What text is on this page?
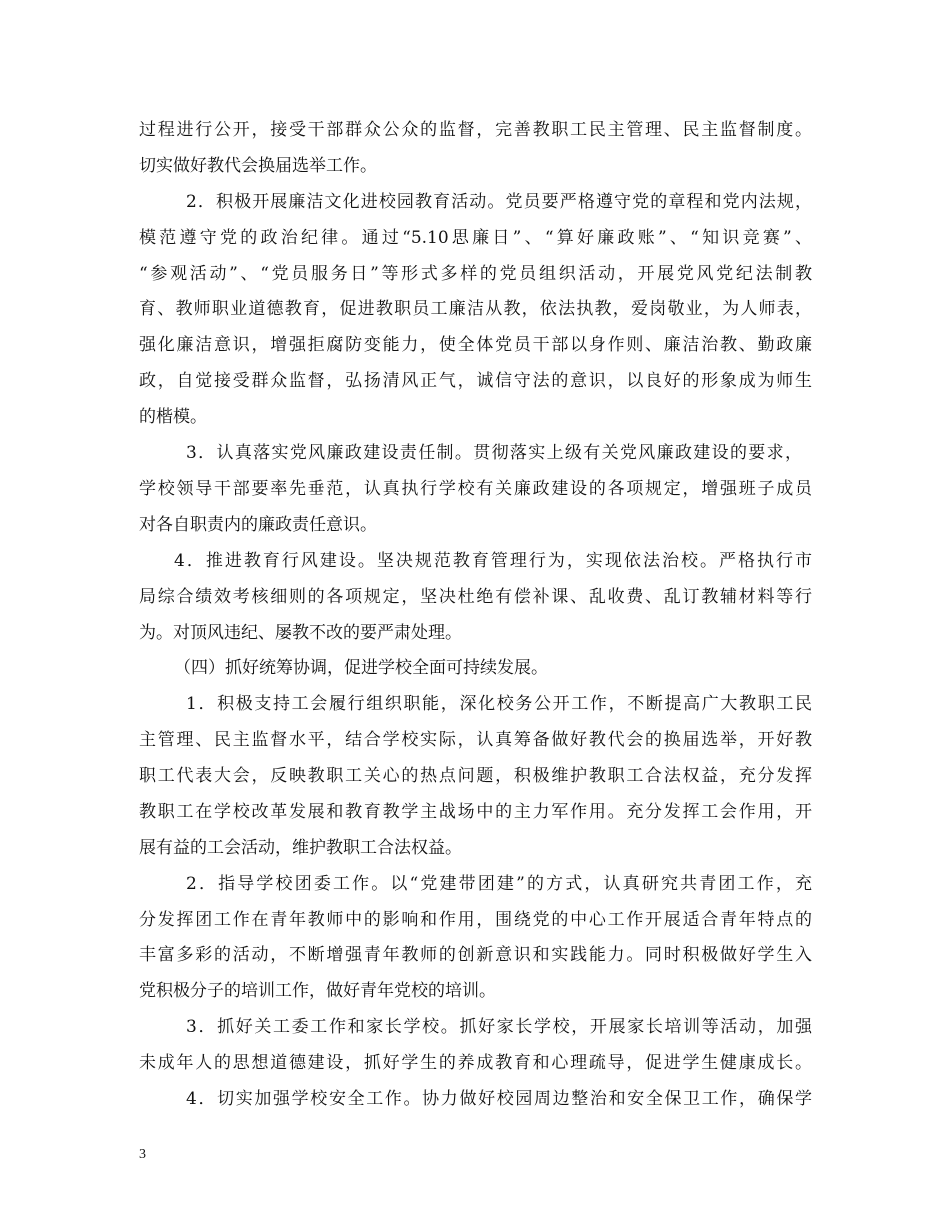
过程进行公开，接受干部群众公众的监督，完善教职工民主管理、民主监督制度。

切实做好教代会换届选举工作。

2．积极开展廉洁文化进校园教育活动。党员要严格遵守党的章程和党内法规，

模范遵守党的政治纪律。通过“5.10思廉日”、“算好廉政账”、“知识竞赛”、

“参观活动”、“党员服务日”等形式多样的党员组织活动，开展党风党纪法制教

育、教师职业道德教育，促进教职员工廉洁从教，依法执教，爱岗敬业，为人师表，

强化廉洁意识，增强拒腐防变能力，使全体党员干部以身作则、廉洁治教、勤政廉

政，自觉接受群众监督，弘扬清风正气，诚信守法的意识，以良好的形象成为师生

的楷模。

3．认真落实党风廉政建设责任制。贯彻落实上级有关党风廉政建设的要求，

学校领导干部要率先垂范，认真执行学校有关廉政建设的各项规定，增强班子成员

对各自职责内的廉政责任意识。

4．推进教育行风建设。坚决规范教育管理行为，实现依法治校。严格执行市

局综合绩效考核细则的各项规定，坚决杜绝有偿补课、乱收费、乱订教辅材料等行

为。对顶风违纪、屡教不改的要严肃处理。

（四）抓好统筹协调，促进学校全面可持续发展。

1．积极支持工会履行组织职能，深化校务公开工作，不断提高广大教职工民

主管理、民主监督水平，结合学校实际，认真筹备做好教代会的换届选举，开好教

职工代表大会，反映教职工关心的热点问题，积极维护教职工合法权益，充分发挥

教职工在学校改革发展和教育教学主战场中的主力军作用。充分发挥工会作用，开

展有益的工会活动，维护教职工合法权益。

2．指导学校团委工作。以“党建带团建”的方式，认真研究共青团工作，充

分发挥团工作在青年教师中的影响和作用，围绕党的中心工作开展适合青年特点的

丰富多彩的活动，不断增强青年教师的创新意识和实践能力。同时积极做好学生入

党积极分子的培训工作，做好青年党校的培训。

3．抓好关工委工作和家长学校。抓好家长学校，开展家长培训等活动，加强

未成年人的思想道德建设，抓好学生的养成教育和心理疏导，促进学生健康成长。

4．切实加强学校安全工作。协力做好校园周边整治和安全保卫工作，确保学

3
